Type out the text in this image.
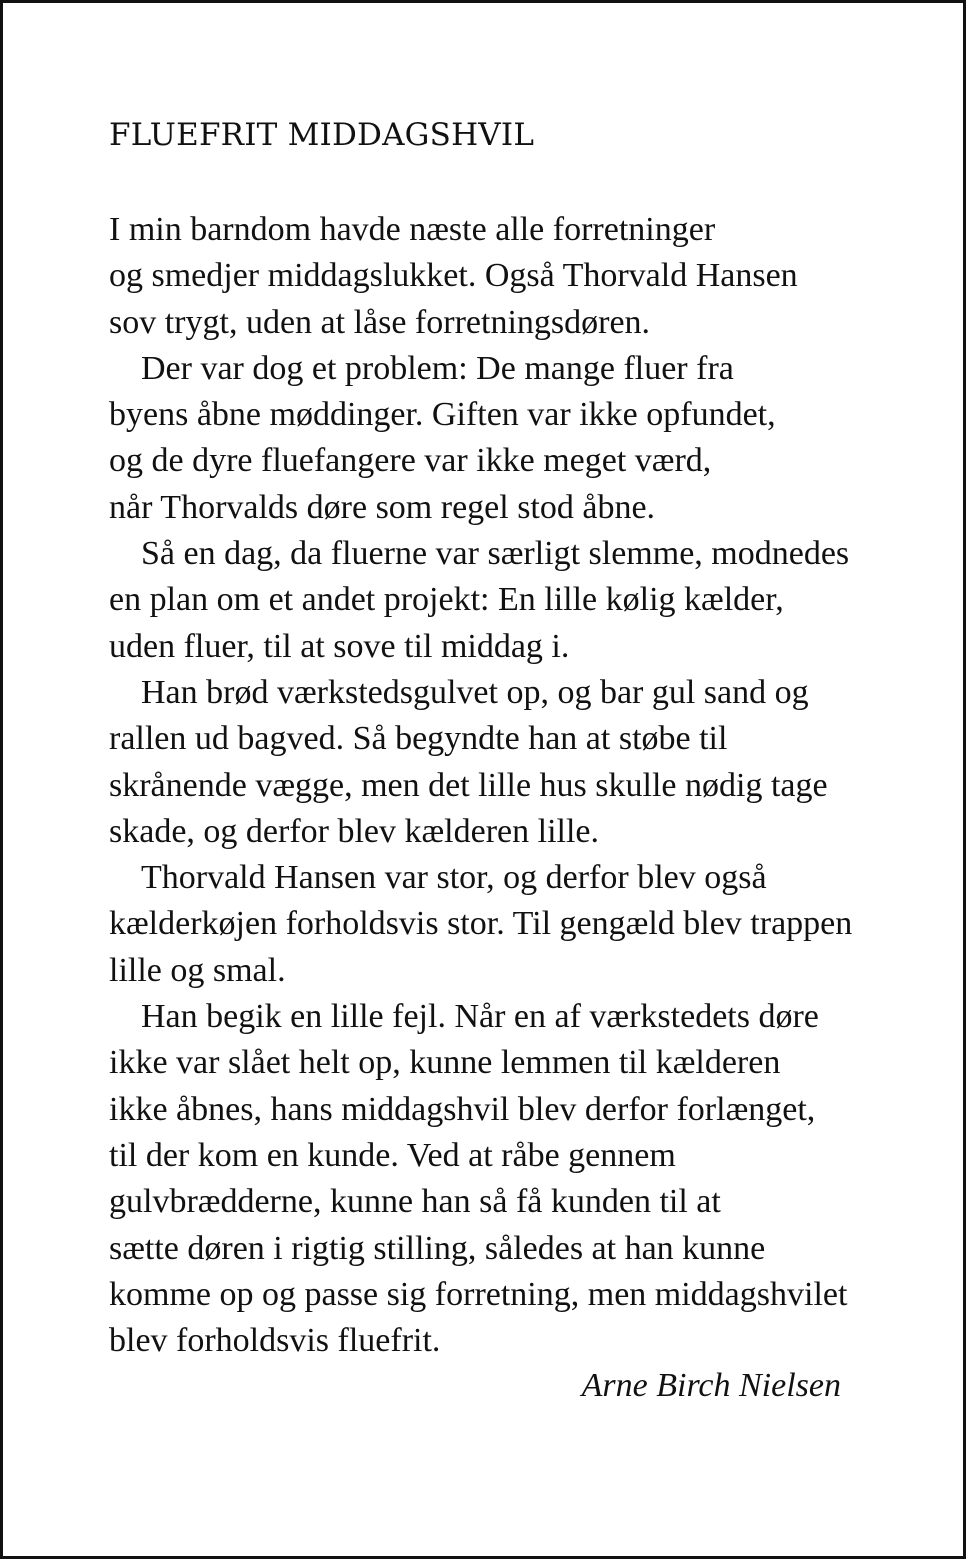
FLUEFRIT MIDDAGSHVIL
I min barndom havde næste alle forretninger
og smedjer middagslukket. Også Thorvald Hansen
sov trygt, uden at låse forretningsdøren.
Der var dog et problem: De mange fluer fra
byens åbne møddinger. Giften var ikke opfundet,
og de dyre fluefangere var ikke meget værd,
når Thorvalds døre som regel stod åbne.
Så en dag, da fluerne var særligt slemme, modnedes
en plan om et andet projekt: En lille kølig kælder,
uden fluer, til at sove til middag i.
Han brød værkstedsgulvet op, og bar gul sand og
rallen ud bagved. Så begyndte han at støbe til
skrånende vægge, men det lille hus skulle nødig tage
skade, og derfor blev kælderen lille.
Thorvald Hansen var stor, og derfor blev også
kælderkøjen forholdsvis stor. Til gengæld blev trappen
lille og smal.
Han begik en lille fejl. Når en af værkstedets døre
ikke var slået helt op, kunne lemmen til kælderen
ikke åbnes, hans middagshvil blev derfor forlænget,
til der kom en kunde. Ved at råbe gennem
gulvbrædderne, kunne han så få kunden til at
sætte døren i rigtig stilling, således at han kunne
komme op og passe sig forretning, men middagshvilet
blev forholdsvis fluefrit.
Arne Birch Nielsen
